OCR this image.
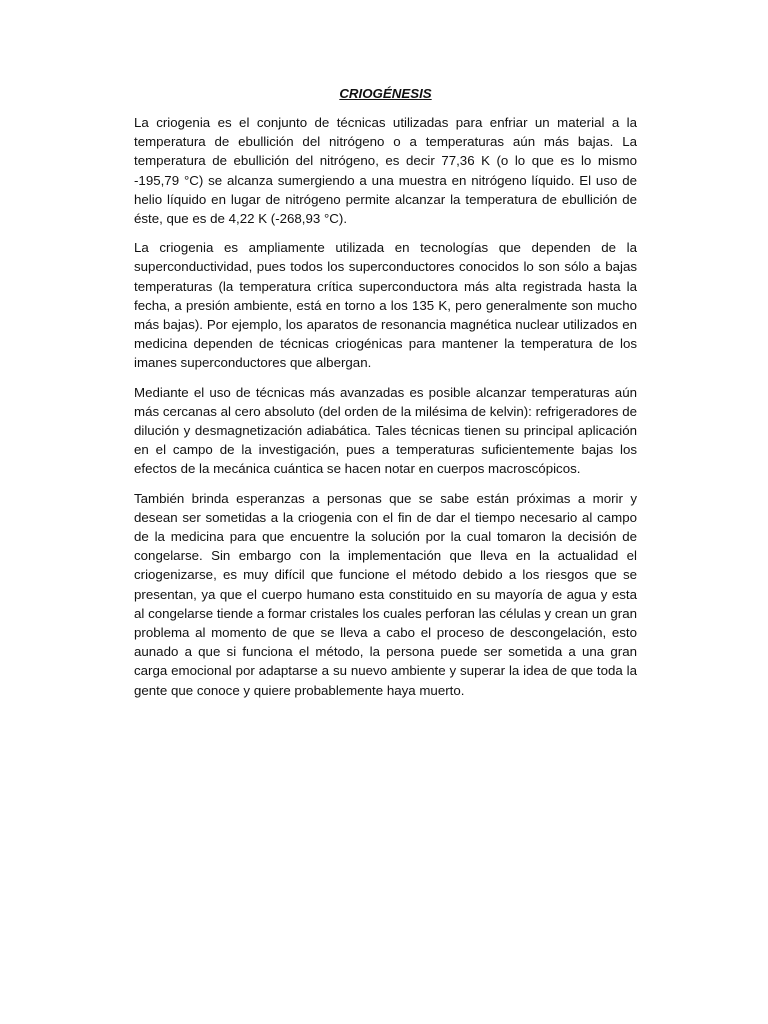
CRIOGÉNESIS

La criogenia es el conjunto de técnicas utilizadas para enfriar un material a la temperatura de ebullición del nitrógeno o a temperaturas aún más bajas. La temperatura de ebullición del nitrógeno, es decir 77,36 K (o lo que es lo mismo -195,79 °C) se alcanza sumergiendo a una muestra en nitrógeno líquido. El uso de helio líquido en lugar de nitrógeno permite alcanzar la temperatura de ebullición de éste, que es de 4,22 K (-268,93 °C).

La criogenia es ampliamente utilizada en tecnologías que dependen de la superconductividad, pues todos los superconductores conocidos lo son sólo a bajas temperaturas (la temperatura crítica superconductora más alta registrada hasta la fecha, a presión ambiente, está en torno a los 135 K, pero generalmente son mucho más bajas). Por ejemplo, los aparatos de resonancia magnética nuclear utilizados en medicina dependen de técnicas criogénicas para mantener la temperatura de los imanes superconductores que albergan.

Mediante el uso de técnicas más avanzadas es posible alcanzar temperaturas aún más cercanas al cero absoluto (del orden de la milésima de kelvin): refrigeradores de dilución y desmagnetización adiabática. Tales técnicas tienen su principal aplicación en el campo de la investigación, pues a temperaturas suficientemente bajas los efectos de la mecánica cuántica se hacen notar en cuerpos macroscópicos.

También brinda esperanzas a personas que se sabe están próximas a morir y desean ser sometidas a la criogenia con el fin de dar el tiempo necesario al campo de la medicina para que encuentre la solución por la cual tomaron la decisión de congelarse. Sin embargo con la implementación que lleva en la actualidad el criogenizarse, es muy difícil que funcione el método debido a los riesgos que se presentan, ya que el cuerpo humano esta constituido en su mayoría de agua y esta al congelarse tiende a formar cristales los cuales perforan las células y crean un gran problema al momento de que se lleva a cabo el proceso de descongelación, esto aunado a que si funciona el método, la persona puede ser sometida a una gran carga emocional por adaptarse a su nuevo ambiente y superar la idea de que toda la gente que conoce y quiere probablemente haya muerto.
